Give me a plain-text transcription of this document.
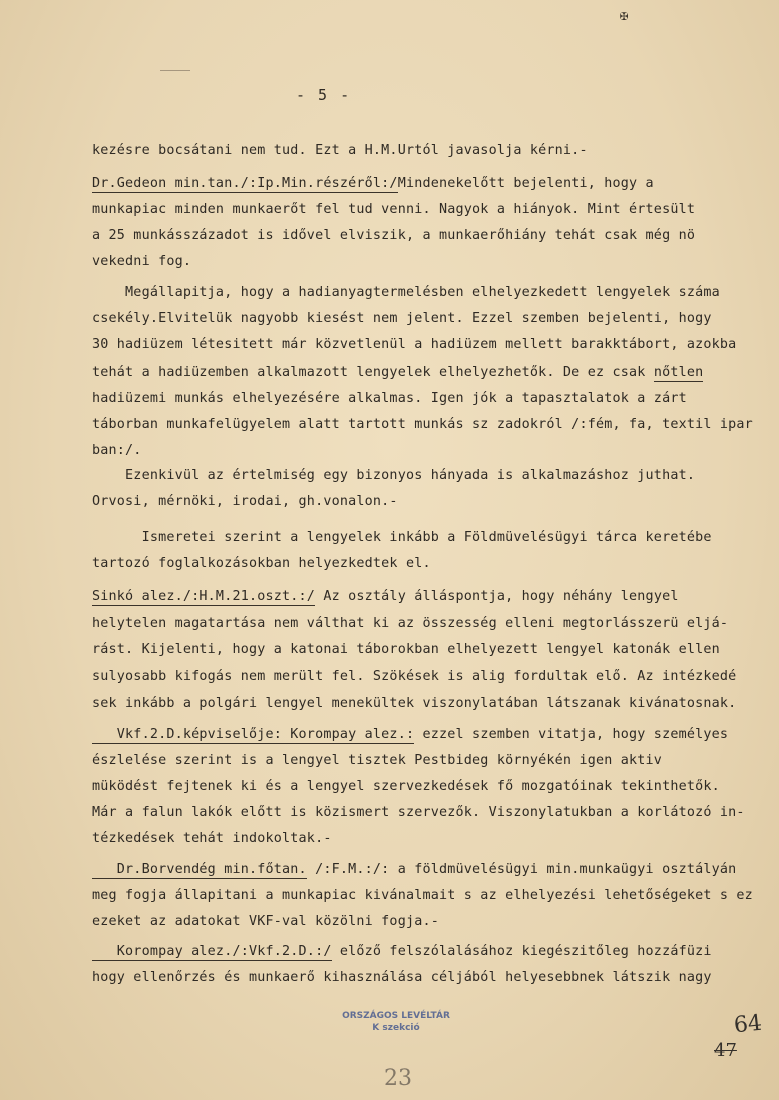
✠
- 5 -
kezésre bocsátani nem tud. Ezt a H.M.Urtól javasolja kérni.-
Dr.Gedeon min.tan./:Ip.Min.részéről:/Mindenekelőtt bejelenti, hogy a
munkapiac minden munkaerőt fel tud venni. Nagyok a hiányok. Mint értesült
a 25 munkásszázadot is idővel elviszik, a munkaerőhiány tehát csak még nö
vekedni fog.
Megállapitja, hogy a hadianyagtermelésben elhelyezkedett lengyelek száma
csekély.Elvitelük nagyobb kiesést nem jelent. Ezzel szemben bejelenti, hogy
30 hadiüzem létesitett már közvetlenül a hadiüzem mellett barakktábort, azokba
tehát a hadiüzemben alkalmazott lengyelek elhelyezhetők. De ez csak nőtlen
hadiüzemi munkás elhelyezésére alkalmas. Igen jók a tapasztalatok a zárt
táborban munkafelügyelem alatt tartott munkás sz zadokról /:fém, fa, textil ipar
ban:/.
Ezenkivül az értelmiség egy bizonyos hányada is alkalmazáshoz juthat.
Orvosi, mérnöki, irodai, gh.vonalon.-
Ismeretei szerint a lengyelek inkább a Földmüvelésügyi tárca keretébe
tartozó foglalkozásokban helyezkedtek el.
Sinkó alez./:H.M.21.oszt.:/ Az osztály álláspontja, hogy néhány lengyel
helytelen magatartása nem válthat ki az összesség elleni megtorlásszerü eljá-
rást. Kijelenti, hogy a katonai táborokban elhelyezett lengyel katonák ellen
sulyosabb kifogás nem merült fel. Szökések is alig fordultak elő. Az intézkedé
sek inkább a polgári lengyel menekültek viszonylatában látszanak kivánatosnak.
Vkf.2.D.képviselője: Korompay alez.: ezzel szemben vitatja, hogy személyes
észlelése szerint is a lengyel tisztek Pestbideg környékén igen aktiv
müködést fejtenek ki és a lengyel szervezkedések fő mozgatóinak tekinthetők.
Már a falun lakók előtt is közismert szervezők. Viszonylatukban a korlátozó in-
tézkedések tehát indokoltak.-
Dr.Borvendég min.főtan. /:F.M.:/: a földmüvelésügyi min.munkaügyi osztályán
meg fogja állapitani a munkapiac kivánalmait s az elhelyezési lehetőségeket s ez
ezeket az adatokat VKF-val közölni fogja.-
Korompay alez./:Vkf.2.D.:/ előző felszólalásához kiegészitőleg hozzáfüzi
hogy ellenőrzés és munkaerő kihasználása céljából helyesebbnek látszik nagy
ORSZÁGOS LEVÉLTÁR
K szekció	64
47
23
